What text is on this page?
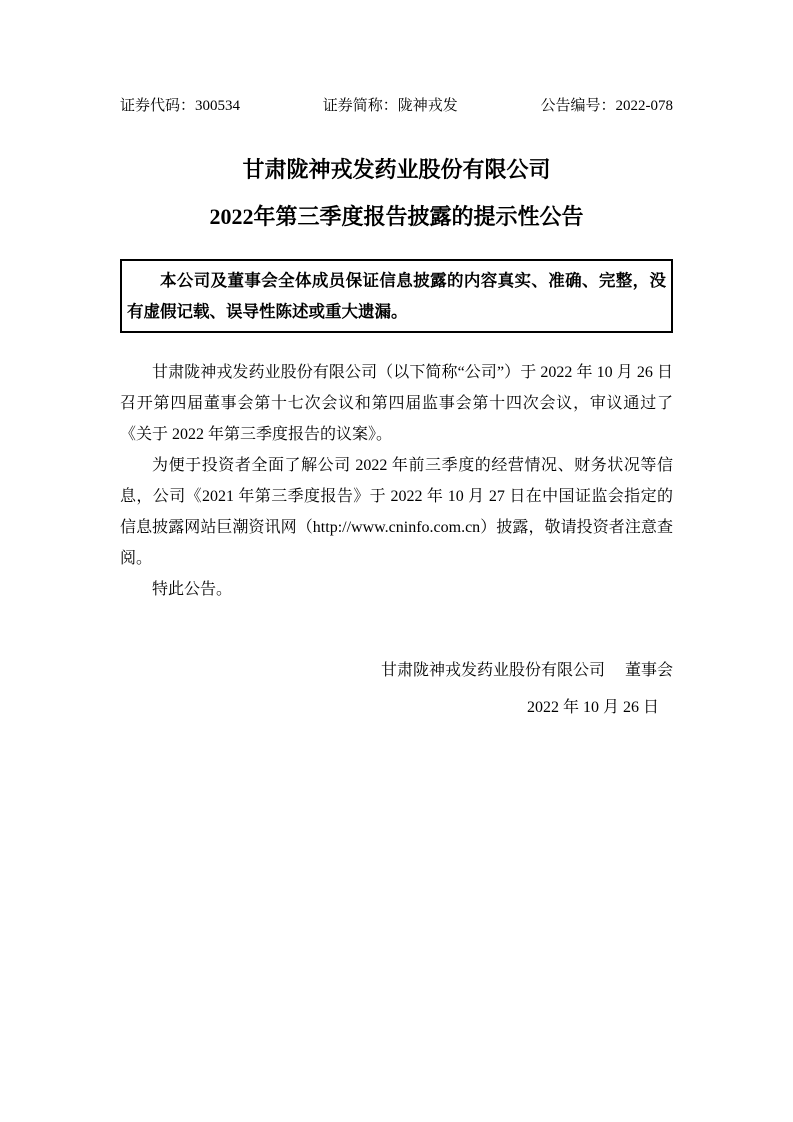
证券代码：300534	证券简称：陇神戎发	公告编号：2022-078
甘肃陇神戎发药业股份有限公司
2022年第三季度报告披露的提示性公告

本公司及董事会全体成员保证信息披露的内容真实、准确、完整，没有虚假记载、误导性陈述或重大遗漏。

甘肃陇神戎发药业股份有限公司（以下简称“公司”）于 2022 年 10 月 26 日召开第四届董事会第十七次会议和第四届监事会第十四次会议，审议通过了《关于 2022 年第三季度报告的议案》。

为便于投资者全面了解公司 2022 年前三季度的经营情况、财务状况等信息，公司《2021 年第三季度报告》于 2022 年 10 月 27 日在中国证监会指定的信息披露网站巨潮资讯网（http://www.cninfo.com.cn）披露，敬请投资者注意查阅。

特此公告。

甘肃陇神戎发药业股份有限公司　 董事会
2022 年 10 月 26 日
